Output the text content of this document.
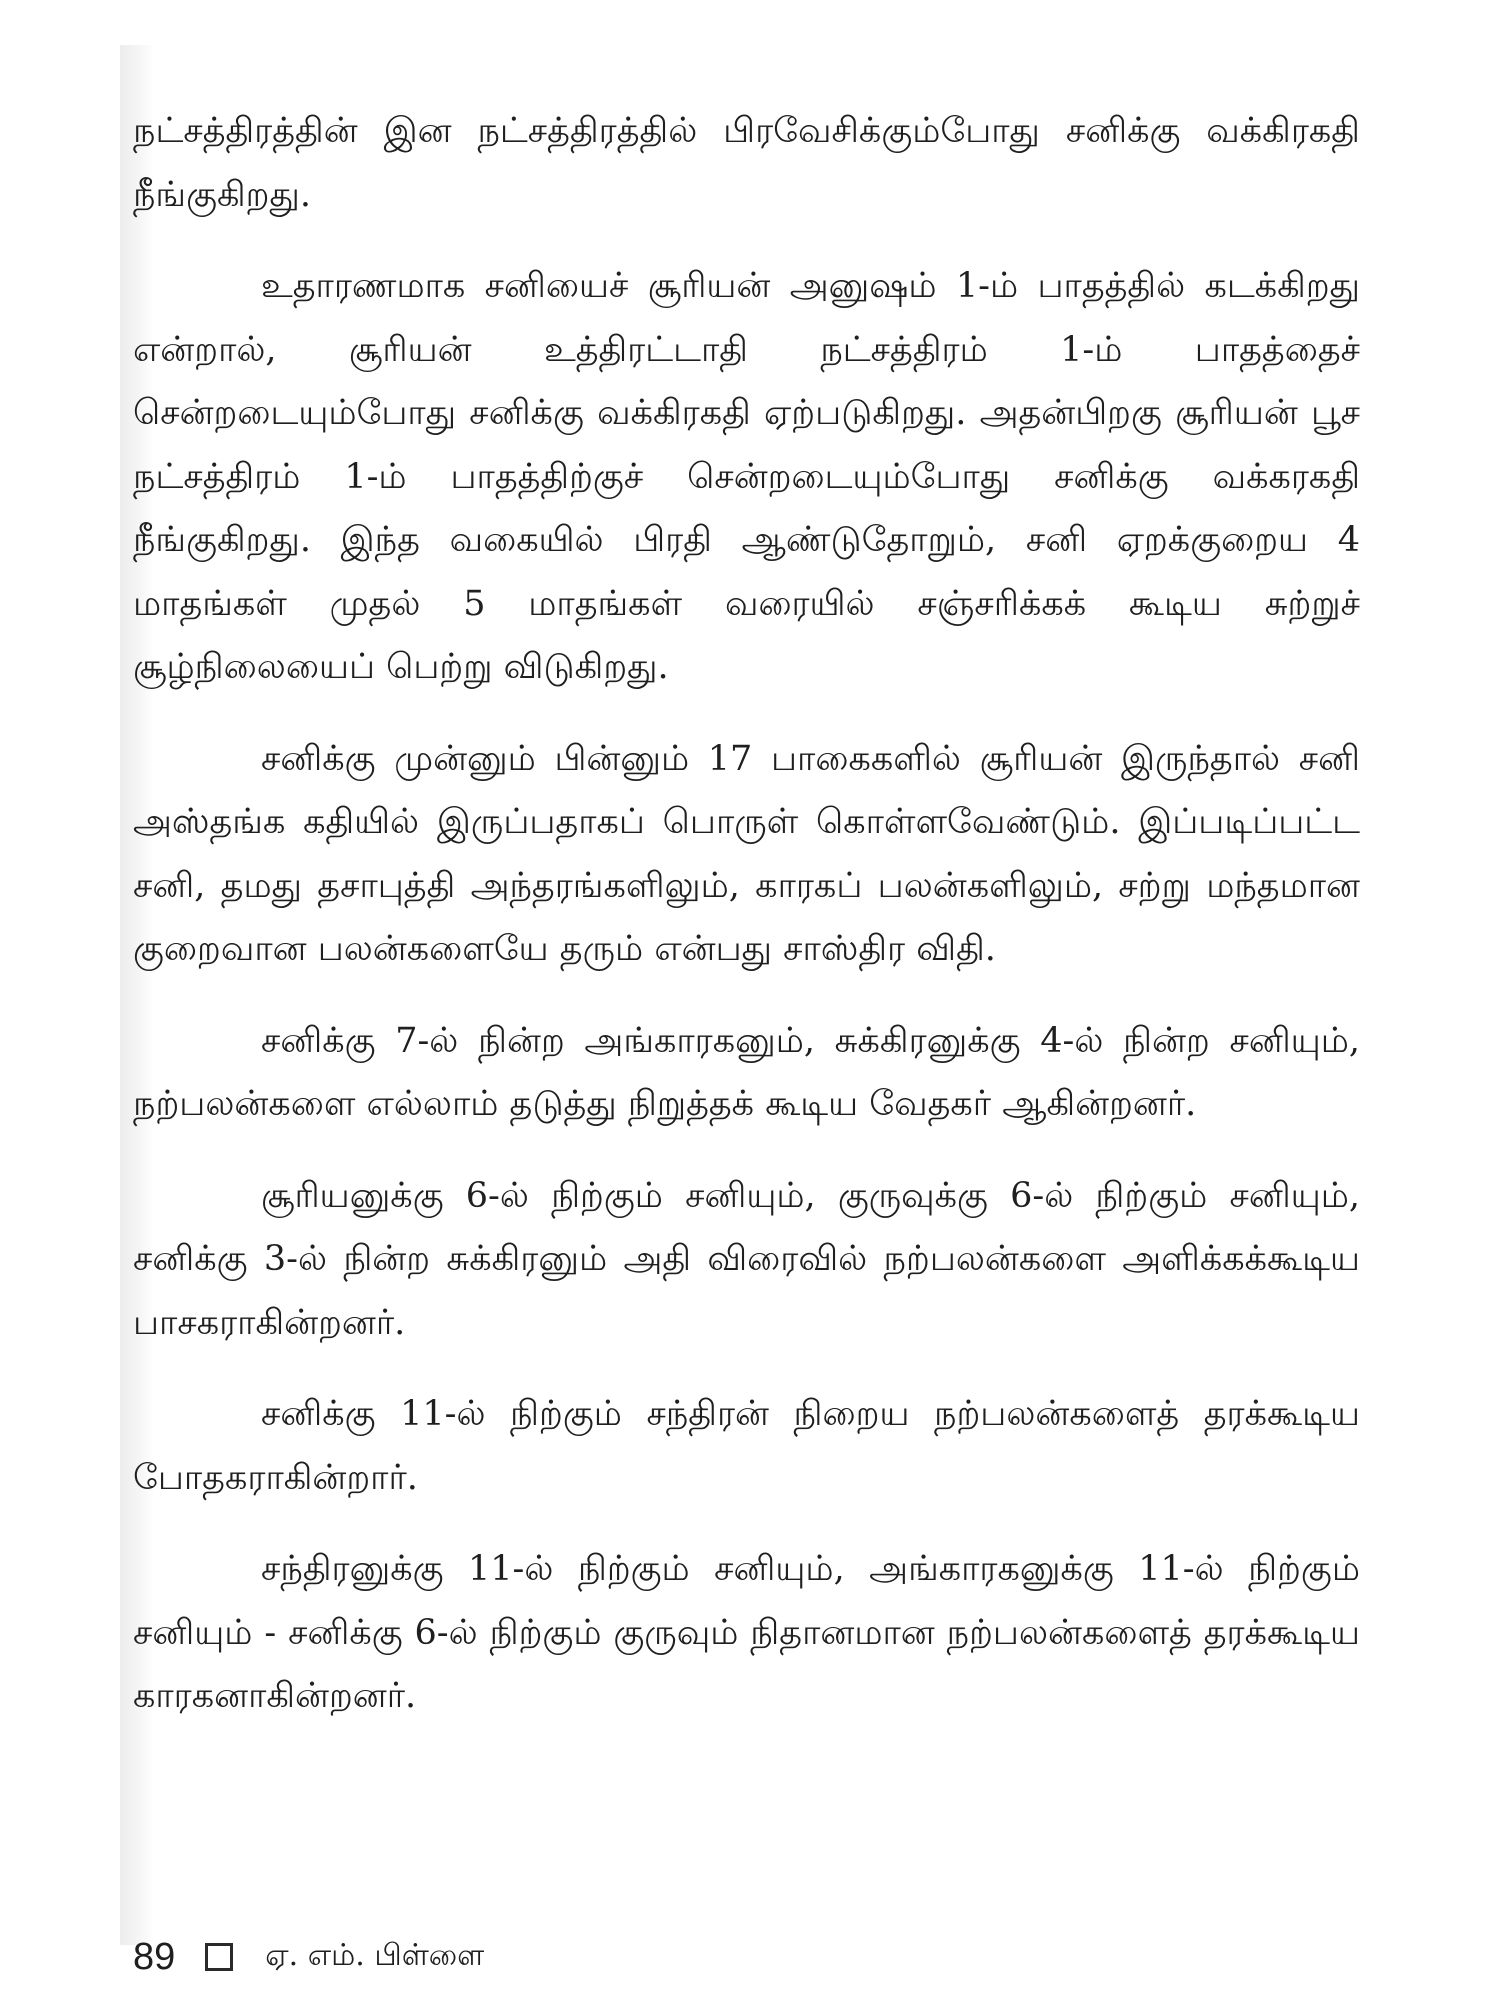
நட்சத்திரத்தின் இன நட்சத்திரத்தில் பிரவேசிக்கும்போது சனிக்கு வக்கிரகதி நீங்குகிறது.

உதாரணமாக சனியைச் சூரியன் அனுஷம் 1-ம் பாதத்தில் கடக்கிறது என்றால், சூரியன் உத்திரட்டாதி நட்சத்திரம் 1-ம் பாதத்தைச் சென்றடையும்போது சனிக்கு வக்கிரகதி ஏற்படுகிறது. அதன்பிறகு சூரியன் பூச நட்சத்திரம் 1-ம் பாதத்திற்குச் சென்றடையும்போது சனிக்கு வக்கரகதி நீங்குகிறது. இந்த வகையில் பிரதி ஆண்டுதோறும், சனி ஏறக்குறைய 4 மாதங்கள் முதல் 5 மாதங்கள் வரையில் சஞ்சரிக்கக் கூடிய சுற்றுச் சூழ்நிலையைப் பெற்று விடுகிறது.

சனிக்கு முன்னும் பின்னும் 17 பாகைகளில் சூரியன் இருந்தால் சனி அஸ்தங்க கதியில் இருப்பதாகப் பொருள் கொள்ளவேண்டும். இப்படிப்பட்ட சனி, தமது தசாபுத்தி அந்தரங்களிலும், காரகப் பலன்களிலும், சற்று மந்தமான குறைவான பலன்களையே தரும் என்பது சாஸ்திர விதி.

சனிக்கு 7-ல் நின்ற அங்காரகனும், சுக்கிரனுக்கு 4-ல் நின்ற சனியும், நற்பலன்களை எல்லாம் தடுத்து நிறுத்தக் கூடிய வேதகர் ஆகின்றனர்.

சூரியனுக்கு 6-ல் நிற்கும் சனியும், குருவுக்கு 6-ல் நிற்கும் சனியும், சனிக்கு 3-ல் நின்ற சுக்கிரனும் அதி விரைவில் நற்பலன்களை அளிக்கக்கூடிய பாசகராகின்றனர்.

சனிக்கு 11-ல் நிற்கும் சந்திரன் நிறைய நற்பலன்களைத் தரக்கூடிய போதகராகின்றார்.

சந்திரனுக்கு 11-ல் நிற்கும் சனியும், அங்காரகனுக்கு 11-ல் நிற்கும் சனியும் - சனிக்கு 6-ல் நிற்கும் குருவும் நிதானமான நற்பலன்களைத் தரக்கூடிய காரகனாகின்றனர்.

89	ஏ. எம். பிள்ளை
